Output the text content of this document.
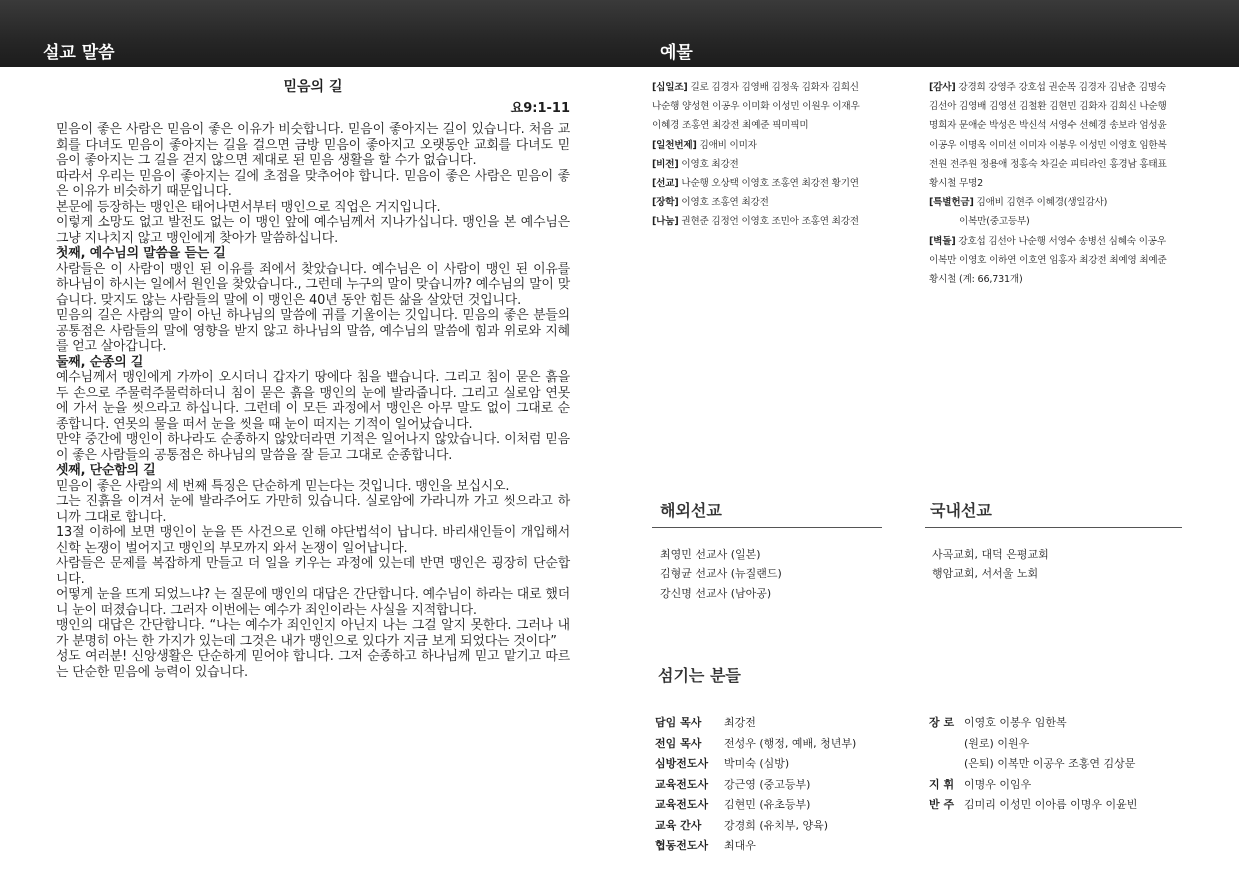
설교 말씀	예물
믿음의 길
요9:1-11

믿음이 좋은 사람은 믿음이 좋은 이유가 비슷합니다. 믿음이 좋아지는 길이 있습니다. 처음 교회를 다녀도 믿음이 좋아지는 길을 걸으면 금방 믿음이 좋아지고 오랫동안 교회를 다녀도 믿음이 좋아지는 그 길을 걷지 않으면 제대로 된 믿음 생활을 할 수가 없습니다.

따라서 우리는 믿음이 좋아지는 길에 초점을 맞추어야 합니다. 믿음이 좋은 사람은 믿음이 좋은 이유가 비슷하기 때문입니다.

본문에 등장하는 맹인은 태어나면서부터 맹인으로 직업은 거지입니다.

이렇게 소망도 없고 발전도 없는 이 맹인 앞에 예수님께서 지나가십니다. 맹인을 본 예수님은 그냥 지나치지 않고 맹인에게 찾아가 말씀하십니다.

첫째, 예수님의 말씀을 듣는 길

사람들은 이 사람이 맹인 된 이유를 죄에서 찾았습니다. 예수님은 이 사람이 맹인 된 이유를 하나님이 하시는 일에서 원인을 찾았습니다., 그런데 누구의 말이 맞습니까? 예수님의 말이 맞습니다. 맞지도 않는 사람들의 말에 이 맹인은 40년 동안 힘든 삶을 살았던 것입니다.

믿음의 길은 사람의 말이 아닌 하나님의 말씀에 귀를 기울이는 깃입니다. 믿음의 좋은 분들의 공통점은 사람들의 말에 영향을 받지 않고 하나님의 말씀, 예수님의 말씀에 힘과 위로와 지혜를 얻고 살아갑니다.

둘째, 순종의 길

예수님께서 맹인에게 가까이 오시더니 갑자기 땅에다 침을 뱉습니다. 그리고 침이 묻은 흙을 두 손으로 주물럭주물럭하더니 침이 묻은 흙을 맹인의 눈에 발라줍니다. 그리고 실로암 연못에 가서 눈을 씻으라고 하십니다. 그런데 이 모든 과정에서 맹인은 아무 말도 없이 그대로 순종합니다. 연못의 물을 떠서 눈을 씻을 때 눈이 떠지는 기적이 일어났습니다.

만약 중간에 맹인이 하나라도 순종하지 않았더라면 기적은 일어나지 않았습니다. 이처럼 믿음이 좋은 사람들의 공통점은 하나님의 말씀을 잘 듣고 그대로 순종합니다.

셋째, 단순함의 길

믿음이 좋은 사람의 세 번째 특징은 단순하게 믿는다는 것입니다. 맹인을 보십시오.

그는 진흙을 이겨서 눈에 발라주어도 가만히 있습니다. 실로암에 가라니까 가고 씻으라고 하니까 그대로 합니다.

13절 이하에 보면 맹인이 눈을 뜬 사건으로 인해 야단법석이 납니다. 바리새인들이 개입해서 신학 논쟁이 벌어지고 맹인의 부모까지 와서 논쟁이 일어납니다.

사람들은 문제를 복잡하게 만들고 더 일을 키우는 과정에 있는데 반면 맹인은 굉장히 단순합니다.

어떻게 눈을 뜨게 되었느냐? 는 질문에 맹인의 대답은 간단합니다. 예수님이 하라는 대로 했더니 눈이 떠졌습니다. 그러자 이번에는 예수가 죄인이라는 사실을 지적합니다.

맹인의 대답은 간단합니다. “나는 예수가 죄인인지 아닌지 나는 그걸 알지 못한다. 그러나 내가 분명히 아는 한 가지가 있는데 그것은 내가 맹인으로 있다가 지금 보게 되었다는 것이다”

성도 여러분! 신앙생활은 단순하게 믿어야 합니다. 그저 순종하고 하나님께 믿고 맡기고 따르는 단순한 믿음에 능력이 있습니다.

[십일조] 길로 김경자 김영배 김정욱 김화자 김희신

나순행 양성현 이공우 이미화 이성민 이원우 이재우

이혜경 조홍연 최강전 최예준 픽미픽미

[일천번제] 김애비 이미자

[비전] 이영호 최강전

[선교] 나순행 오상택 이영호 조홍연 최강전 황기연

[장학] 이영호 조홍연 최강전

[나눔] 권현준 김정언 이영호 조민아 조홍연 최강전

[감사] 강경희 강영주 강호섭 권순목 김경자 김남춘 김명숙

김선아 김영배 김영선 김철환 김현민 김화자 김희신 나순행

명희자 문애순 박성은 박신석 서영수 선혜경 송보라 엄성윤

이공우 이명옥 이미선 이미자 이봉우 이성민 이영호 임한복

전원 전주원 정용애 정홍숙 차길순 피티라인 홍경남 홍태표

황시철 무명2

[특별헌금] 김애비 김현주 이혜경(생일감사)

이복만(중고등부)

[벽돌] 강호섭 김선아 나순행 서영수 송병선 심혜숙 이공우

이복만 이영호 이하연 이호연 임홍자 최강전 최예영 최예준

황시철 (계: 66,731개)

해외선교
최영민 선교사 (일본)
김형균 선교사 (뉴질랜드)
강신명 선교사 (남아공)
국내선교
사곡교회, 대덕 은평교회
행암교회, 서서울 노회
섬기는 분들
담임 목사 최강전
전임 목사 전성우 (행정, 예배, 청년부)
심방전도사 박미숙 (심방)
교육전도사 강근영 (중고등부)
교육전도사 김현민 (유초등부)
교육 간사 강경희 (유치부, 양육)
협동전도사 최대우
장 로 이영호 이봉우 임한복
(원로) 이원우
(은퇴) 이복만 이공우 조홍연 김상문
지 휘 이명우 이임우
반 주 김미리 이성민 이아름 이명우 이윤빈
